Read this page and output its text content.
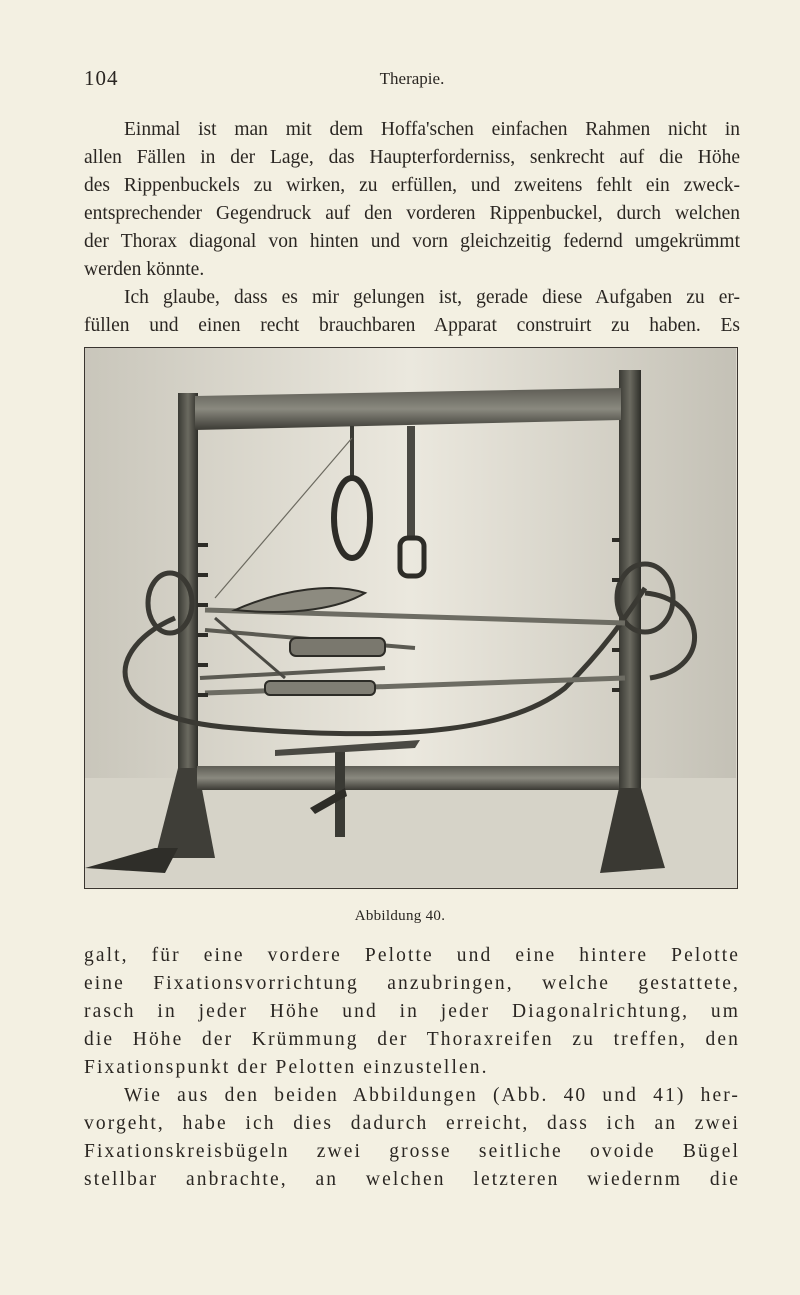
104	Therapie.

Einmal ist man mit dem Hoffa'schen einfachen Rahmen nicht in
allen Fällen in der Lage, das Haupterforderniss, senkrecht auf die Höhe
des Rippenbuckels zu wirken, zu erfüllen, und zweitens fehlt ein zweck-
entsprechender Gegendruck auf den vorderen Rippenbuckel, durch welchen
der Thorax diagonal von hinten und vorn gleichzeitig federnd umgekrümmt
werden könnte.

Ich glaube, dass es mir gelungen ist, gerade diese Aufgaben zu er-
füllen und einen recht brauchbaren Apparat construirt zu haben. Es

Abbildung 40.

galt, für eine vordere Pelotte und eine hintere Pelotte
eine Fixationsvorrichtung anzubringen, welche gestattete,
rasch in jeder Höhe und in jeder Diagonalrichtung, um
die Höhe der Krümmung der Thoraxreifen zu treffen, den
Fixationspunkt der Pelotten einzustellen.

Wie aus den beiden Abbildungen (Abb. 40 und 41) her-
vorgeht, habe ich dies dadurch erreicht, dass ich an zwei
Fixationskreisbügeln zwei grosse seitliche ovoide Bügel
stellbar anbrachte, an welchen letzteren wiedernm die
